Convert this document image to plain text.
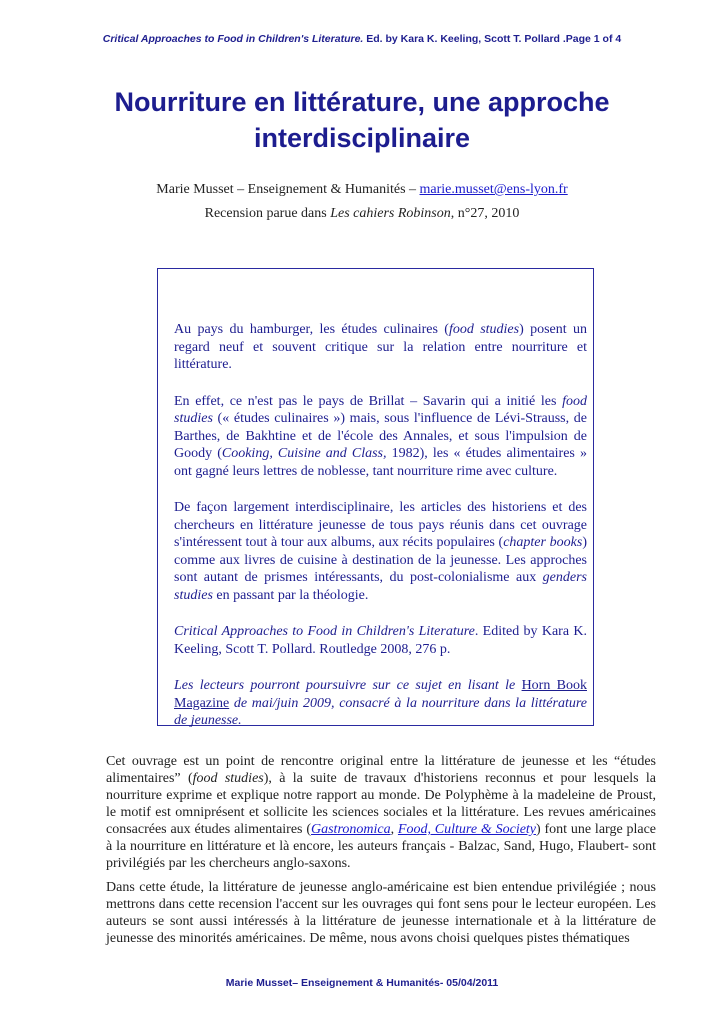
Critical Approaches to Food in Children's Literature. Ed. by Kara K. Keeling, Scott T. Pollard .Page 1 of 4
Nourriture en littérature, une approche interdisciplinaire
Marie Musset – Enseignement & Humanités – marie.musset@ens-lyon.fr
Recension parue dans Les cahiers Robinson, n°27, 2010

Au pays du hamburger, les études culinaires (food studies) posent un regard neuf et souvent critique sur la relation entre nourriture et littérature.

En effet, ce n'est pas le pays de Brillat – Savarin qui a initié les food studies (« études culinaires ») mais, sous l'influence de Lévi-Strauss, de Barthes, de Bakhtine et de l'école des Annales, et sous l'impulsion de Goody (Cooking, Cuisine and Class, 1982), les « études alimentaires » ont gagné leurs lettres de noblesse, tant nourriture rime avec culture.

De façon largement interdisciplinaire, les articles des historiens et des chercheurs en littérature jeunesse de tous pays réunis dans cet ouvrage s'intéressent tout à tour aux albums, aux récits populaires (chapter books) comme aux livres de cuisine à destination de la jeunesse. Les approches sont autant de prismes intéressants, du post-colonialisme aux genders studies en passant par la théologie.

Critical Approaches to Food in Children's Literature. Edited by Kara K. Keeling, Scott T. Pollard. Routledge 2008, 276 p.

Les lecteurs pourront poursuivre sur ce sujet en lisant le Horn Book Magazine de mai/juin 2009, consacré à la nourriture dans la littérature de jeunesse.

Cet ouvrage est un point de rencontre original entre la littérature de jeunesse et les “études alimentaires” (food studies), à la suite de travaux d'historiens reconnus et pour lesquels la nourriture exprime et explique notre rapport au monde. De Polyphème à la madeleine de Proust, le motif est omniprésent et sollicite les sciences sociales et la littérature. Les revues américaines consacrées aux études alimentaires (Gastronomica, Food, Culture & Society) font une large place à la nourriture en littérature et là encore, les auteurs français - Balzac, Sand, Hugo, Flaubert- sont privilégiés par les chercheurs anglo-saxons.

Dans cette étude, la littérature de jeunesse anglo-américaine est bien entendue privilégiée ; nous mettrons dans cette recension l'accent sur les ouvrages qui font sens pour le lecteur européen. Les auteurs se sont aussi intéressés à la littérature de jeunesse internationale et à la littérature de jeunesse des minorités américaines. De même, nous avons choisi quelques pistes thématiques

Marie Musset– Enseignement & Humanités- 05/04/2011
